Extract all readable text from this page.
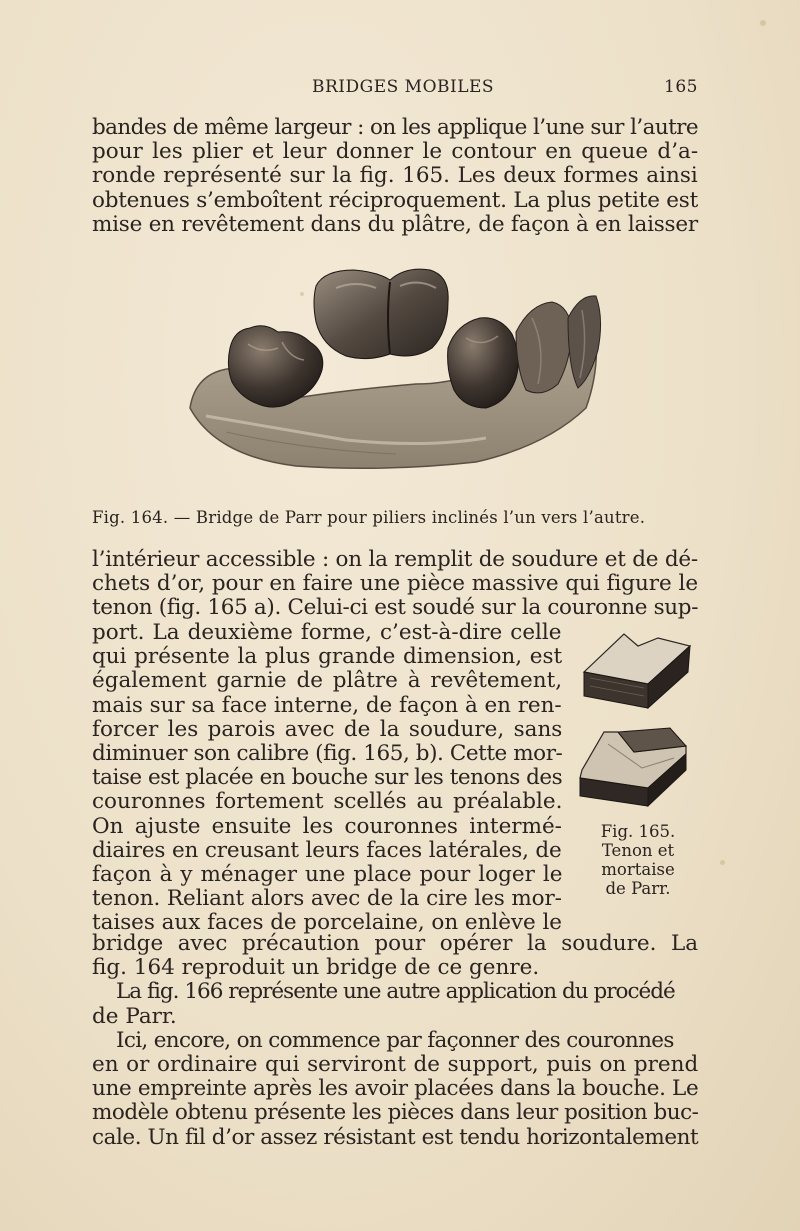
BRIDGES MOBILES	165
bandes de même largeur : on les applique l’une sur l’autre
pour les plier et leur donner le contour en queue d’a-
ronde représenté sur la fig. 165. Les deux formes ainsi
obtenues s’emboîtent réciproquement. La plus petite est
mise en revêtement dans du plâtre, de façon à en laisser
Fig. 164. — Bridge de Parr pour piliers inclinés l’un vers l’autre.
l’intérieur accessible : on la remplit de soudure et de dé-
chets d’or, pour en faire une pièce massive qui figure le
tenon (fig. 165 a). Celui-ci est soudé sur la couronne sup-
port. La deuxième forme, c’est-à-dire celle
qui présente la plus grande dimension, est
également garnie de plâtre à revêtement,
mais sur sa face interne, de façon à en ren-
forcer les parois avec de la soudure, sans
diminuer son calibre (fig. 165, b). Cette mor-
taise est placée en bouche sur les tenons des
couronnes fortement scellés au préalable.
On ajuste ensuite les couronnes intermé-
diaires en creusant leurs faces latérales, de
façon à y ménager une place pour loger le
tenon. Reliant alors avec de la cire les mor-
taises aux faces de porcelaine, on enlève le
Fig. 165.
Tenon et
mortaise
de Parr.
bridge avec précaution pour opérer la soudure. La
fig. 164 reproduit un bridge de ce genre.
La fig. 166 représente une autre application du procédé
de Parr.
Ici, encore, on commence par façonner des couronnes
en or ordinaire qui serviront de support, puis on prend
une empreinte après les avoir placées dans la bouche. Le
modèle obtenu présente les pièces dans leur position buc-
cale. Un fil d’or assez résistant est tendu horizontalement
